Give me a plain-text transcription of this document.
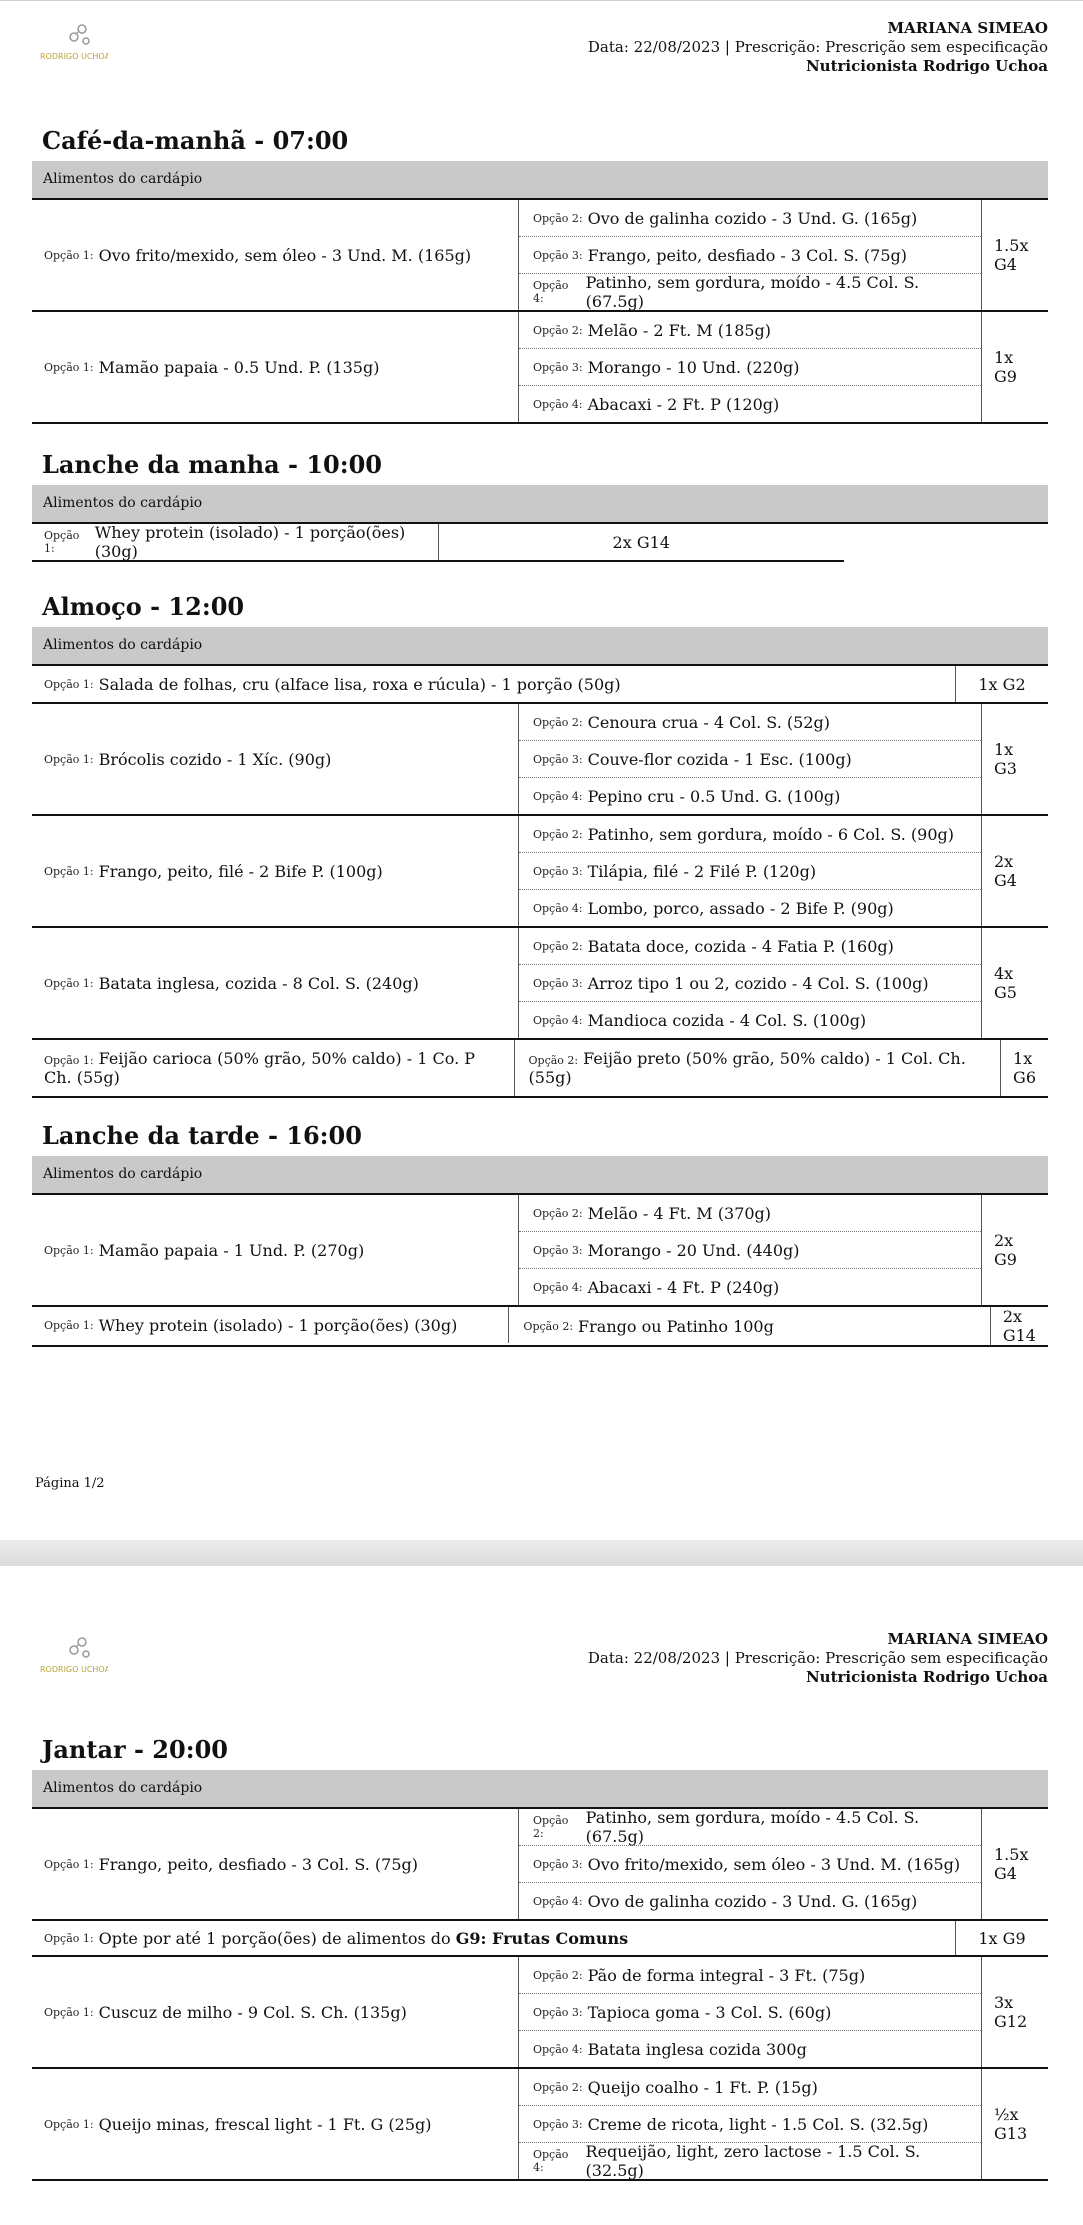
RODRIGO UCHOA
MARIANA SIMEAO
Data: 22/08/2023 | Prescrição: Prescrição sem especificação
Nutricionista Rodrigo Uchoa
Café-da-manhã - 07:00
Alimentos do cardápio
Opção 1: Ovo frito/mexido, sem óleo - 3 Und. M. (165g)
Opção 2: Ovo de galinha cozido - 3 Und. G. (165g)
Opção 3: Frango, peito, desfiado - 3 Col. S. (75g)
Opção 4:
Patinho, sem gordura, moído - 4.5 Col. S. (67.5g)
1.5x G4
Opção 1: Mamão papaia - 0.5 Und. P. (135g)
Opção 2: Melão - 2 Ft. M (185g)
Opção 3: Morango - 10 Und. (220g)
Opção 4: Abacaxi - 2 Ft. P (120g)
1x G9
Lanche da manha - 10:00
Alimentos do cardápio
Opção 1:
Whey protein (isolado) - 1 porção(ões) (30g)	2x G14
Almoço - 12:00
Alimentos do cardápio
Opção 1: Salada de folhas, cru (alface lisa, roxa e rúcula) - 1 porção (50g)	1x G2
Opção 1: Brócolis cozido - 1 Xíc. (90g)
Opção 2: Cenoura crua - 4 Col. S. (52g)
Opção 3: Couve-flor cozida - 1 Esc. (100g)
Opção 4: Pepino cru - 0.5 Und. G. (100g)
1x G3
Opção 1: Frango, peito, filé - 2 Bife P. (100g)
Opção 2: Patinho, sem gordura, moído - 6 Col. S. (90g)
Opção 3: Tilápia, filé - 2 Filé P. (120g)
Opção 4: Lombo, porco, assado - 2 Bife P. (90g)
2x G4
Opção 1: Batata inglesa, cozida - 8 Col. S. (240g)
Opção 2: Batata doce, cozida - 4 Fatia P. (160g)
Opção 3: Arroz tipo 1 ou 2, cozido - 4 Col. S. (100g)
Opção 4: Mandioca cozida - 4 Col. S. (100g)
4x G5
Opção 1: Feijão carioca (50% grão, 50% caldo) - 1 Co. P Ch. (55g)
Opção 2: Feijão preto (50% grão, 50% caldo) - 1 Col. Ch. (55g)
1x G6
Lanche da tarde - 16:00
Alimentos do cardápio
Opção 1: Mamão papaia - 1 Und. P. (270g)
Opção 2: Melão - 4 Ft. M (370g)
Opção 3: Morango - 20 Und. (440g)
Opção 4: Abacaxi - 4 Ft. P (240g)
2x G9
Opção 1: Whey protein (isolado) - 1 porção(ões) (30g)	Opção 2: Frango ou Patinho 100g	2x G14
Página 1/2
RODRIGO UCHOA
MARIANA SIMEAO
Data: 22/08/2023 | Prescrição: Prescrição sem especificação
Nutricionista Rodrigo Uchoa
Jantar - 20:00
Alimentos do cardápio
Opção 1: Frango, peito, desfiado - 3 Col. S. (75g)
Opção 2:
Patinho, sem gordura, moído - 4.5 Col. S. (67.5g)
Opção 3: Ovo frito/mexido, sem óleo - 3 Und. M. (165g)
Opção 4: Ovo de galinha cozido - 3 Und. G. (165g)
1.5x G4
Opção 1: Opte por até 1 porção(ões) de alimentos do
G9: Frutas Comuns	1x G9
Opção 1: Cuscuz de milho - 9 Col. S. Ch. (135g)
Opção 2: Pão de forma integral - 3 Ft. (75g)
Opção 3: Tapioca goma - 3 Col. S. (60g)
Opção 4: Batata inglesa cozida 300g
3x G12
Opção 1: Queijo minas, frescal light - 1 Ft. G (25g)
Opção 2: Queijo coalho - 1 Ft. P. (15g)
Opção 3: Creme de ricota, light - 1.5 Col. S. (32.5g)
Opção 4:
Requeijão, light, zero lactose - 1.5 Col. S. (32.5g)
½x G13
